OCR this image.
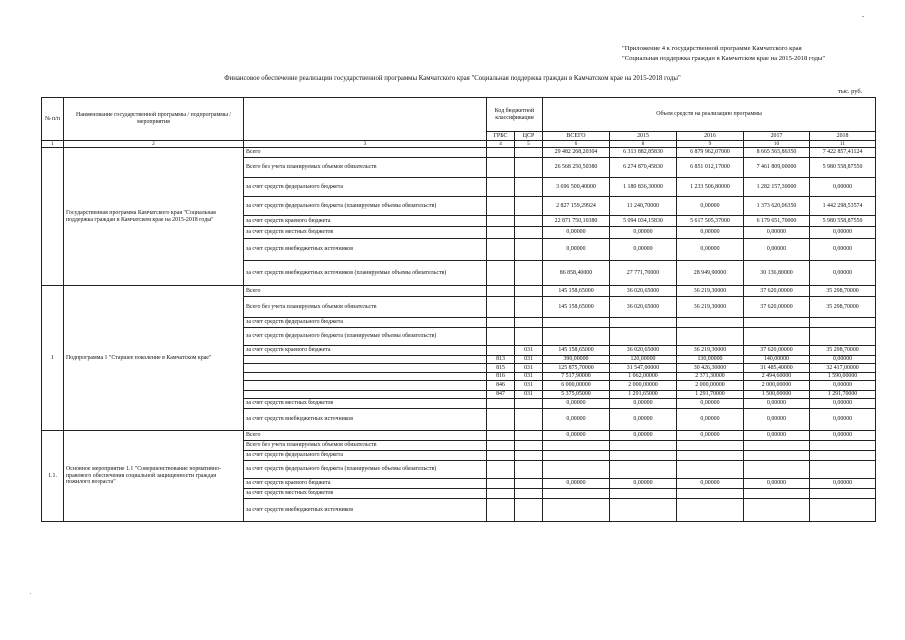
-
"Приложение 4 к государственной программе Камчатского края
"Социальная поддержка граждан в Камчатском крае на 2015-2018 годы"
Финансовое обеспечение реализации государственной программы Камчатского края "Социальная поддержка граждан в Камчатском крае на 2015-2018 годы"
тыс. руб.
№ п/п	Наименование государственной программы / подпрограммы / мероприятия		Код бюджетной классификации		Объем средств на реализацию программы				
			ГРБС	ЦСР	ВСЕГО	2015	2016	2017	2018
1	2	3	4	5	6	8	9	10	11
	Государственная программа Камчатского края "Социальная поддержка граждан в Камчатском крае на 2015-2018 годы"	Всего			29 482 268,20304	6 313 882,85830	6 879 962,07000	8 665 565,86350	7 422 857,41124
		Всего без учета планируемых объемов обязательств			26 568 250,50380	6 274 870,45830	6 851 012,17000	7 461 809,00000	5 980 558,87550
		за счет средств федерального бюджета			3 696 500,40000	1 180 836,30000	1 233 506,80000	1 282 157,30000	0,00000
		за счет средств федерального бюджета (планируемые объемы обязательств)			2 827 159,29924	11 240,70000	0,00000	1 373 620,06350	1 442 298,53574
		за счет средств краевого бюджета			22 871 750,10380	5 094 034,15830	5 617 505,37000	6 179 651,70000	5 980 558,87550
		за счет средств местных бюджетов			0,00000	0,00000	0,00000	0,00000	0,00000
		за счет средств внебюджетных источников			0,00000	0,00000	0,00000	0,00000	0,00000
		за счет средств внебюджетных источников (планируемые объемы обязательств)			86 858,40000	27 771,70000	28 949,90000	30 136,80000	0,00000
1	Подпрограмма 1 "Старшее поколение в Камчатском крае"	Всего			145 158,65000	36 020,65000	36 219,30000	37 620,00000	35 298,70000
		Всего без учета планируемых объемов обязательств			145 158,65000	36 020,65000	36 219,30000	37 620,00000	35 298,70000
		за счет средств федерального бюджета							
		за счет средств федерального бюджета (планируемые объемы обязательств)							
		за счет средств краевого бюджета		031	145 158,65000	36 020,65000	36 219,30000	37 620,00000	35 298,70000
			813	031	390,00000	120,00000	130,00000	140,00000	0,00000
			815	031	125 875,70000	31 547,00000	30 426,30000	31 485,40000	32 417,00000
			816	031	7 517,90000	1 062,00000	2 371,30000	2 494,60000	1 590,00000
			846	031	6 000,00000	2 000,00000	2 000,00000	2 000,00000	0,00000
			847	031	5 375,05000	1 291,65000	1 291,70000	1 500,00000	1 291,70000
		за счет средств местных бюджетов			0,00000	0,00000	0,00000	0,00000	0,00000
		за счет средств внебюджетных источников			0,00000	0,00000	0,00000	0,00000	0,00000
1.1.	Основное мероприятие 1.1 "Совершенствование нормативно-правового обеспечения социальной защищенности граждан пожилого возраста"	Всего			0,00000	0,00000	0,00000	0,00000	0,00000
		Всего без учета планируемых объемов обязательств							
		за счет средств федерального бюджета							
		за счет средств федерального бюджета (планируемые объемы обязательств)							
		за счет средств краевого бюджета			0,00000	0,00000	0,00000	0,00000	0,00000
		за счет средств местных бюджетов							
		за счет средств внебюджетных источников							
.
